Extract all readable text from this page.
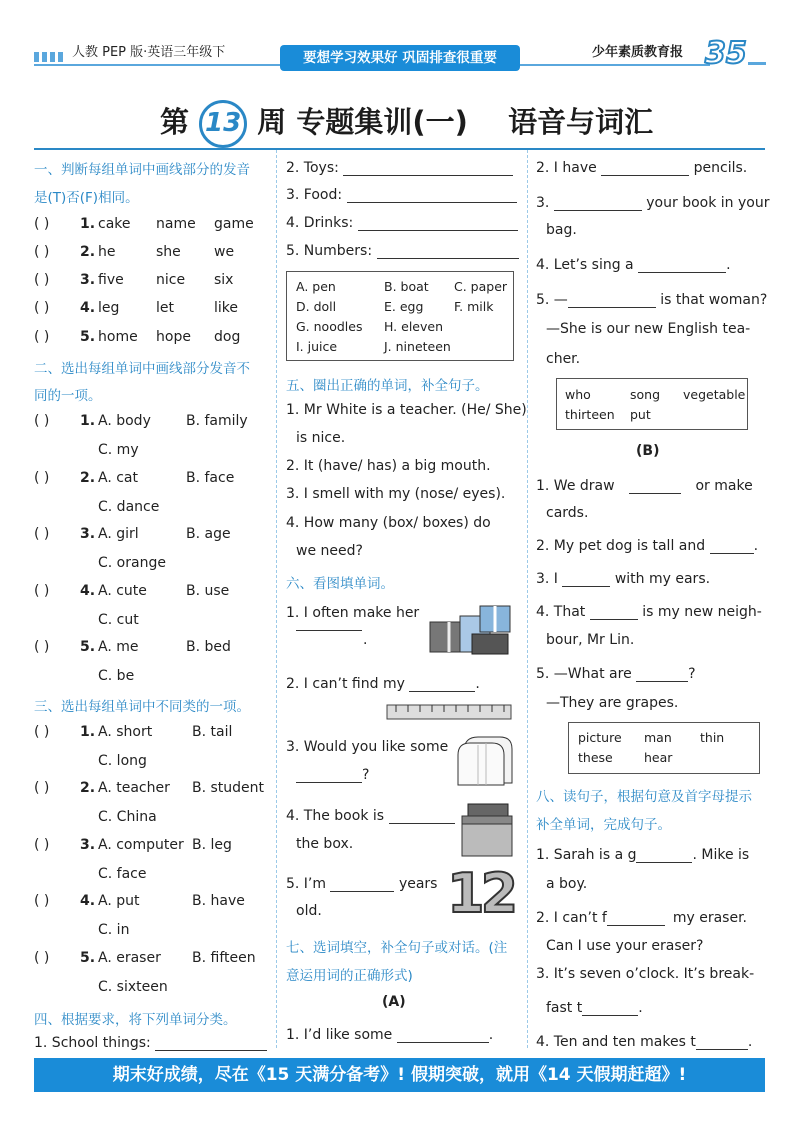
人教 PEP 版·英语三年级下	要想学习效果好 巩固排查很重要	少年素质教育报 35
第 13 周 专题集训(一) 语音与词汇
一、判断每组单词中画线部分的发音
是(T)否(F)相同。
二、选出每组单词中画线部分发音不
同的一项。
三、选出每组单词中不同类的一项。
四、根据要求，将下列单词分类。
1. School things:
2. Toys:
3. Food:
4. Drinks:
5. Numbers:
五、圈出正确的单词，补全句子。
1. Mr White is a teacher. (He/ She)
is nice.
2. It (have/ has) a big mouth.
3. I smell with my (nose/ eyes).
4. How many (box/ boxes) do
we need?
六、看图填单词。
1. I often make her
.
2. I can’t find my	.
3. Would you like some
?
4. The book is
the box.
5. I’m	years
old. 12
七、选词填空，补全句子或对话。(注
意运用词的正确形式)
(A)
1. I’d like some	.
2. I have	pencils.
3.	your book in your
bag.
4. Let’s sing a	.
5. —	is that woman?
—She is our new English tea-
cher.
(B)
1. We draw	or make
cards.
2. My pet dog is tall and	.
3. I	with my ears.
4. That	is my new neigh-
bour, Mr Lin.
5. —What are	?
—They are grapes.
八、读句子，根据句意及首字母提示
补全单词，完成句子。
1. Sarah is a g	. Mike is
a boy.
2. I can’t f	my eraser.
Can I use your eraser?
3. It’s seven o’clock. It’s break-
fast t	.
4. Ten and ten makes t	.
期末好成绩，尽在《15 天满分备考》! 假期突破，就用《14 天假期赶超》!
( ) 1. cake name game
( ) 2. he	she we
( ) 3. five nice six
( ) 4. leg	let	like
( ) 5. home hope dog
( ) 1. A. body	B. family
C. my
( ) 2. A. cat	B. face
C. dance
( ) 3. A. girl	B. age
C. orange
( ) 4. A. cute	B. use
C. cut
( ) 5. A. me	B. bed
C. be
( ) 1. A. short	B. tail
C. long
( ) 2. A. teacher B. student
C. China
( ) 3. A. computer B. leg
C. face
( ) 4. A. put	B. have
C. in
( ) 5. A. eraser B. fifteen
C. sixteen
A. pen	B. boat C. paper
D. doll	E. egg F. milk
G. noodles H. eleven
I. juice	J. nineteen
who	song vegetable
thirteen put
picture man thin
these	hear
